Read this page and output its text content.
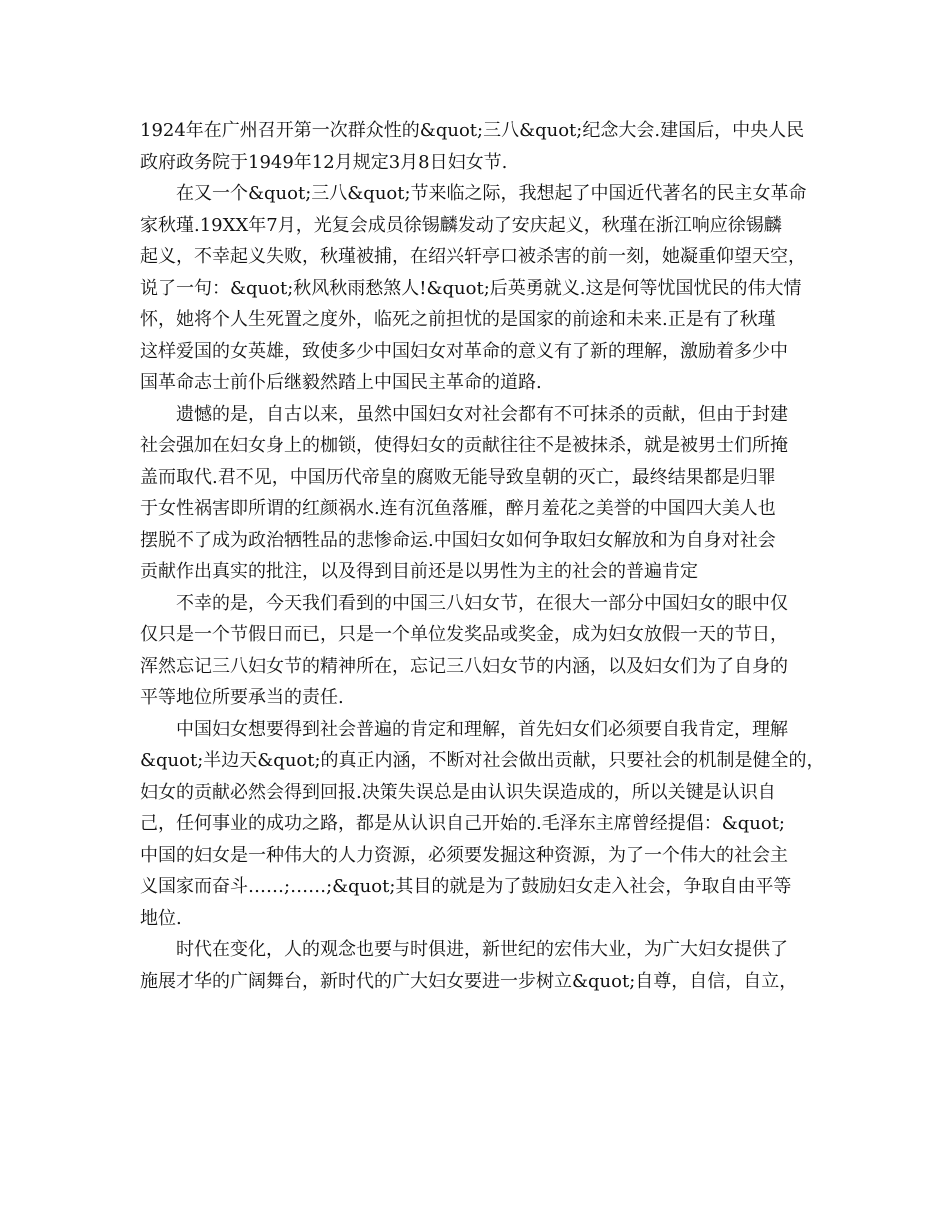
1924年在广州召开第一次群众性的&quot;三八&quot;纪念大会.建国后，中央人民
政府政务院于1949年12月规定3月8日妇女节.

在又一个&quot;三八&quot;节来临之际，我想起了中国近代著名的民主女革命
家秋瑾.19XX年7月，光复会成员徐锡麟发动了安庆起义，秋瑾在浙江响应徐锡麟
起义，不幸起义失败，秋瑾被捕，在绍兴轩亭口被杀害的前一刻，她凝重仰望天空，
说了一句：&quot;秋风秋雨愁煞人!&quot;后英勇就义.这是何等忧国忧民的伟大情
怀，她将个人生死置之度外，临死之前担忧的是国家的前途和未来.正是有了秋瑾
这样爱国的女英雄，致使多少中国妇女对革命的意义有了新的理解，激励着多少中
国革命志士前仆后继毅然踏上中国民主革命的道路.

遗憾的是，自古以来，虽然中国妇女对社会都有不可抹杀的贡献，但由于封建
社会强加在妇女身上的枷锁，使得妇女的贡献往往不是被抹杀，就是被男士们所掩
盖而取代.君不见，中国历代帝皇的腐败无能导致皇朝的灭亡，最终结果都是归罪
于女性祸害即所谓的红颜祸水.连有沉鱼落雁，醉月羞花之美誉的中国四大美人也
摆脱不了成为政治牺牲品的悲惨命运.中国妇女如何争取妇女解放和为自身对社会
贡献作出真实的批注，以及得到目前还是以男性为主的社会的普遍肯定

不幸的是，今天我们看到的中国三八妇女节，在很大一部分中国妇女的眼中仅
仅只是一个节假日而已，只是一个单位发奖品或奖金，成为妇女放假一天的节日，
浑然忘记三八妇女节的精神所在，忘记三八妇女节的内涵，以及妇女们为了自身的
平等地位所要承当的责任.

中国妇女想要得到社会普遍的肯定和理解，首先妇女们必须要自我肯定，理解
&quot;半边天&quot;的真正内涵，不断对社会做出贡献，只要社会的机制是健全的，
妇女的贡献必然会得到回报.决策失误总是由认识失误造成的，所以关键是认识自
己，任何事业的成功之路，都是从认识自己开始的.毛泽东主席曾经提倡：&quot;
中国的妇女是一种伟大的人力资源，必须要发掘这种资源，为了一个伟大的社会主
义国家而奋斗……;……;&quot;其目的就是为了鼓励妇女走入社会，争取自由平等
地位.

时代在变化，人的观念也要与时俱进，新世纪的宏伟大业，为广大妇女提供了
施展才华的广阔舞台，新时代的广大妇女要进一步树立&quot;自尊，自信，自立，
